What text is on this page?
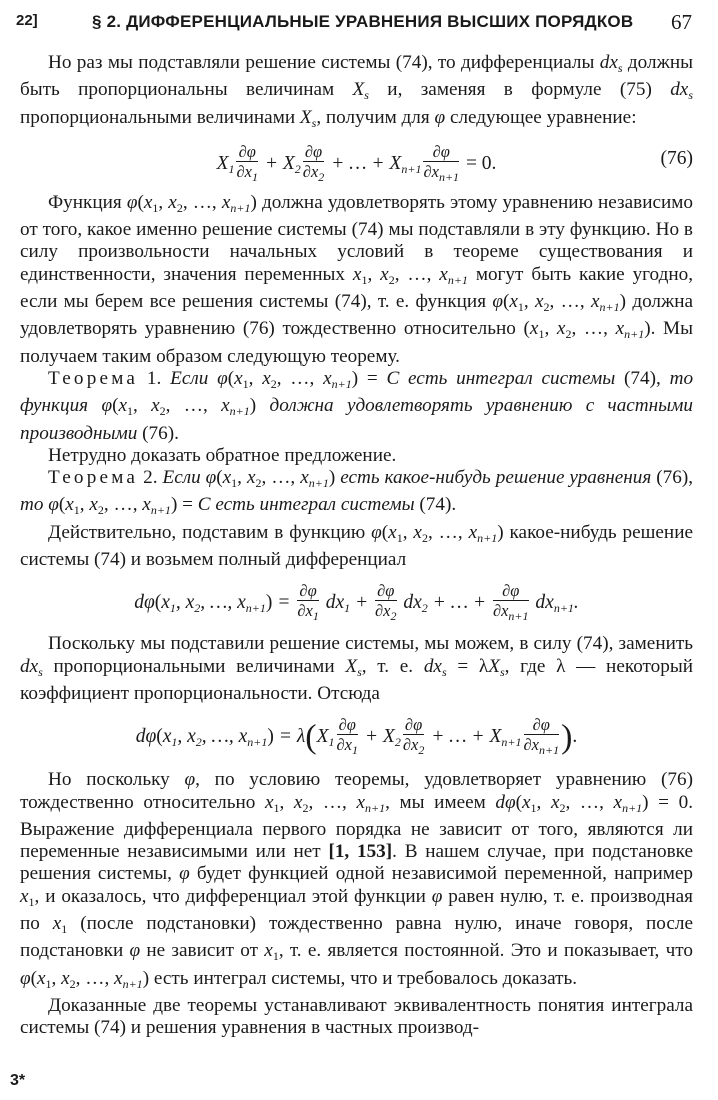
22]	§ 2. ДИФФЕРЕНЦИАЛЬНЫЕ УРАВНЕНИЯ ВЫСШИХ ПОРЯДКОВ 67

Но раз мы подставляли решение системы (74), то дифференциалы $dx_s$ должны быть пропорциональны величинам $X_s$ и, заменяя в формуле (75) $dx_s$ пропорциональными величинами $X_s$, получим для φ следующее уравнение:

$X_1 \frac{\partial\varphi}{\partial x_1} + X_2 \frac{\partial\varphi}{\partial x_2}$ + … + $X_{n+1} \frac{\partial\varphi}{\partial x_{n+1}} = 0$.	(76)

Функция $\varphi(x_1$, $x_2$, …, $x_{n+1}$) должна удовлетворять этому уравнению независимо от того, какое именно решение системы (74) мы подставляли в эту функцию. Но в силу произвольности начальных условий в теореме существования и единственности, значения переменных $x_1$, $x_2$, …, $x_{n+1}$ могут быть какие угодно, если мы берем все решения системы (74), т. е. функция $\varphi(x_1$, $x_2$, …, $x_{n+1}$) должна удовлетворять уравнению (76) тождественно относительно ($x_1$, $x_2$, …, $x_{n+1}$). Мы получаем таким образом следующую теорему.

Теорема 1. Если $\varphi(x_1$, $x_2$, …, $x_{n+1}) = C$ есть интеграл системы (74), то функция $\varphi(x_1$, $x_2$, …, $x_{n+1}$) должна удовлетворять уравнению с частными производными (76).

Нетрудно доказать обратное предложение.

Теорема 2. Если $\varphi(x_1$, $x_2$, …, $x_{n+1}$) есть какое-нибудь решение уравнения (76), то $\varphi(x_1$, $x_2$, …, $x_{n+1}) = C$ есть интеграл системы (74).

Действительно, подставим в функцию $\varphi(x_1$, $x_2$, …, $x_{n+1}$) какое-нибудь решение системы (74) и возьмем полный дифференциал

$d\varphi(x_1$, $x_2$, …, $x_{n+1}) = \frac{\partial\varphi}{\partial x_1} dx_1 + \frac{\partial\varphi}{\partial x_2} dx_2$ + … + $\frac{\partial\varphi}{\partial x_{n+1}} dx_{n+1}$.

Поскольку мы подставили решение системы, мы можем, в силу (74), заменить $dx_s$ пропорциональными величинами $X_s$, т. е. $dx_s = \lambda X_s$, где λ — некоторый коэффициент пропорциональности. Отсюда

$d\varphi(x_1$, $x_2$, …, $x_{n+1}) = \lambda(X_1 \frac{\partial\varphi}{\partial x_1} + X_2 \frac{\partial\varphi}{\partial x_2}$ + … + $X_{n+1} \frac{\partial\varphi}{\partial x_{n+1}}$ ).

Но поскольку φ, по условию теоремы, удовлетворяет уравнению (76) тождественно относительно $x_1$, $x_2$, …, $x_{n+1}$, мы имеем $d\varphi(x_1$, $x_2$, …, $x_{n+1}) = 0$. Выражение дифференциала первого порядка не зависит от того, являются ли переменные независимыми или нет [1, 153]. В нашем случае, при подстановке решения системы, φ будет функцией одной независимой переменной, например $x_1$, и оказалось, что дифференциал этой функции φ равен нулю, т. е. производная по $x_1$ (после подстановки) тождественно равна нулю, иначе говоря, после подстановки φ не зависит от $x_1$, т. е. является постоянной. Это и показывает, что $\varphi(x_1$, $x_2$, …, $x_{n+1}$) есть интеграл системы, что и требовалось доказать.

Доказанные две теоремы устанавливают эквивалентность понятия интеграла системы (74) и решения уравнения в частных производ-

3*
